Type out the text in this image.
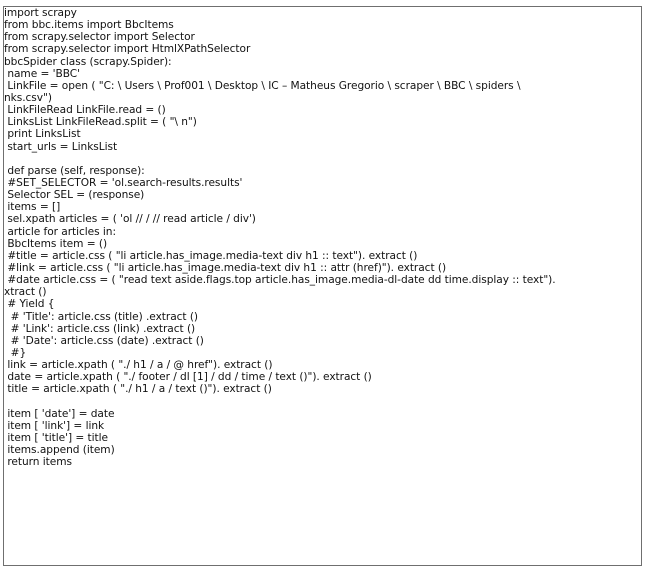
import scrapy
from bbc.items import BbcItems
from scrapy.selector import Selector
from scrapy.selector import HtmlXPathSelector
bbcSpider class (scrapy.Spider):
name = 'BBC'
LinkFile = open ( "C: \ Users \ Prof001 \ Desktop \ IC – Matheus Gregorio \ scraper \ BBC \ spiders \
nks.csv")
LinkFileRead LinkFile.read = ()
LinksList LinkFileRead.split = ( "\ n")
print LinksList
start_urls = LinksList
def parse (self, response):
#SET_SELECTOR = 'ol.search-results.results'
Selector SEL = (response)
items = []
sel.xpath articles = ( 'ol // / // read article / div')
article for articles in:
BbcItems item = ()
#title = article.css ( "li article.has_image.media-text div h1 :: text"). extract ()
#link = article.css ( "li article.has_image.media-text div h1 :: attr (href)"). extract ()
#date article.css = ( "read text aside.flags.top article.has_image.media-dl-date dd time.display :: text").
xtract ()
# Yield {
# 'Title': article.css (title) .extract ()
# 'Link': article.css (link) .extract ()
# 'Date': article.css (date) .extract ()
#}
link = article.xpath ( "./ h1 / a / @ href"). extract ()
date = article.xpath ( "./ footer / dl [1] / dd / time / text ()"). extract ()
title = article.xpath ( "./ h1 / a / text ()"). extract ()
item [ 'date'] = date
item [ 'link'] = link
item [ 'title'] = title
items.append (item)
return items
